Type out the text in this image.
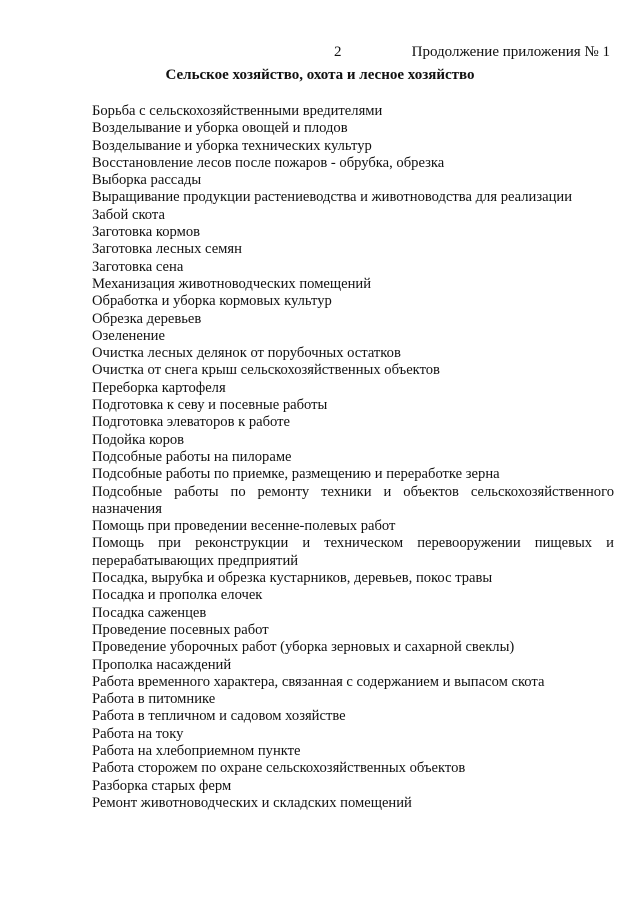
2	Продолжение приложения № 1
Сельское хозяйство, охота и лесное хозяйство
Борьба с сельскохозяйственными вредителями
Возделывание и уборка овощей и плодов
Возделывание и уборка технических культур
Восстановление лесов после пожаров - обрубка, обрезка
Выборка рассады
Выращивание продукции растениеводства и животноводства для реализации
Забой скота
Заготовка кормов
Заготовка лесных семян
Заготовка сена
Механизация животноводческих помещений
Обработка и уборка кормовых культур
Обрезка деревьев
Озеленение
Очистка лесных делянок от порубочных остатков
Очистка от снега крыш сельскохозяйственных объектов
Переборка картофеля
Подготовка к севу и посевные работы
Подготовка элеваторов к работе
Подойка коров
Подсобные работы на пилораме
Подсобные работы по приемке, размещению и переработке зерна
Подсобные работы по ремонту техники и объектов сельскохозяйственного назначения
Помощь при проведении весенне-полевых работ
Помощь при реконструкции и техническом перевооружении пищевых и перерабатывающих предприятий
Посадка, вырубка и обрезка кустарников, деревьев, покос травы
Посадка и прополка елочек
Посадка саженцев
Проведение посевных работ
Проведение уборочных работ (уборка зерновых и сахарной свеклы)
Прополка насаждений
Работа временного характера, связанная с содержанием и выпасом скота
Работа в питомнике
Работа в тепличном и садовом хозяйстве
Работа на току
Работа на хлебоприемном пункте
Работа сторожем по охране сельскохозяйственных объектов
Разборка старых ферм
Ремонт животноводческих и складских помещений
